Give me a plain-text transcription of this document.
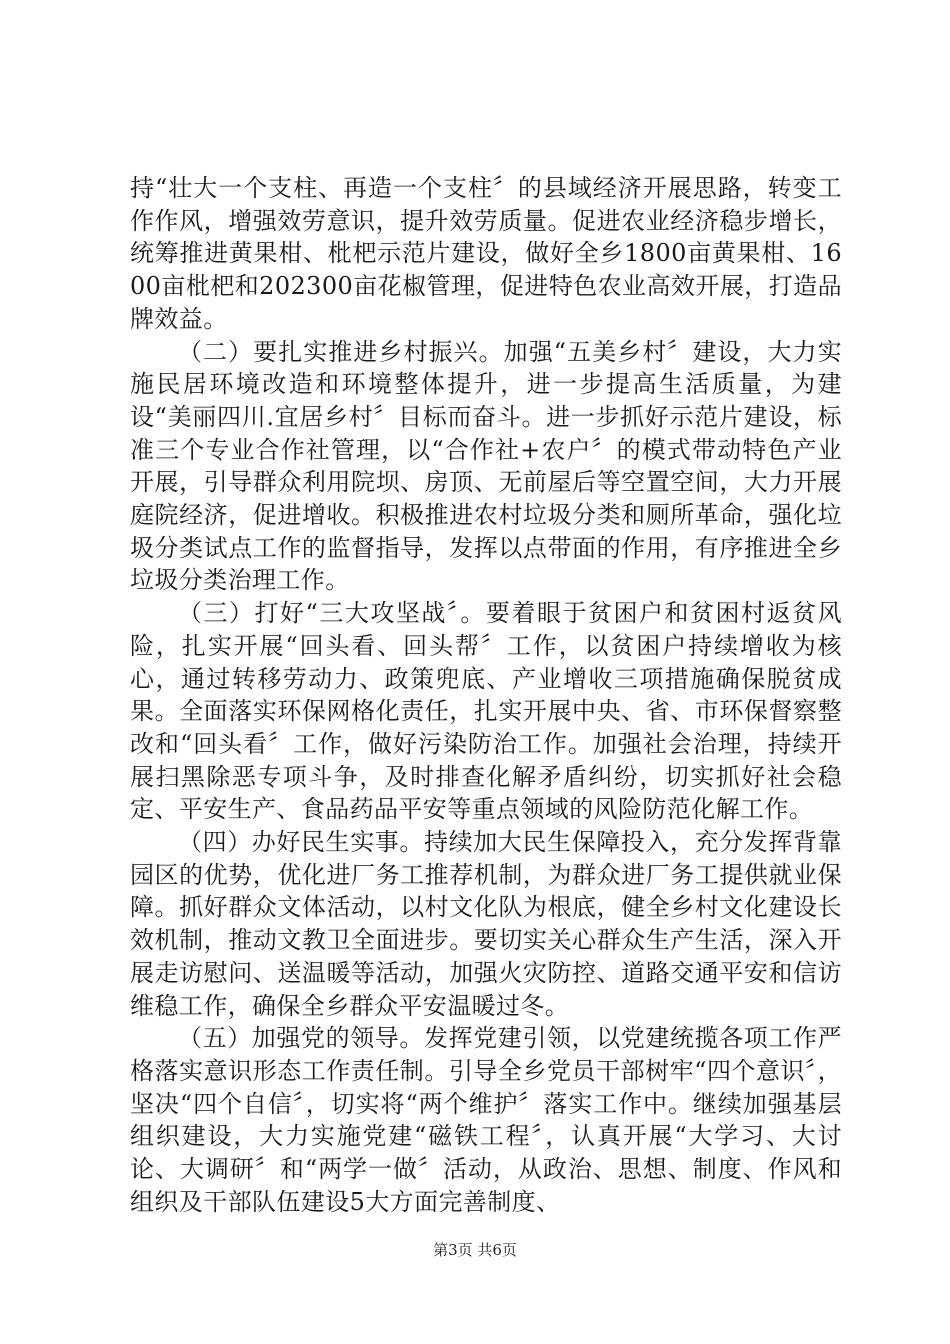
持“壮大一个支柱、再造一个支柱〞的县域经济开展思路，转变工作作风，增强效劳意识，提升效劳质量。促进农业经济稳步增长，统筹推进黄果柑、枇杷示范片建设，做好全乡1800亩黄果柑、1600亩枇杷和202300亩花椒管理，促进特色农业高效开展，打造品牌效益。

（二）要扎实推进乡村振兴。加强“五美乡村〞建设，大力实施民居环境改造和环境整体提升，进一步提高生活质量，为建设“美丽四川.宜居乡村〞目标而奋斗。进一步抓好示范片建设，标准三个专业合作社管理，以“合作社+农户〞的模式带动特色产业开展，引导群众利用院坝、房顶、无前屋后等空置空间，大力开展庭院经济，促进增收。积极推进农村垃圾分类和厕所革命，强化垃圾分类试点工作的监督指导，发挥以点带面的作用，有序推进全乡垃圾分类治理工作。

（三）打好“三大攻坚战〞。要着眼于贫困户和贫困村返贫风险，扎实开展“回头看、回头帮〞工作，以贫困户持续增收为核心，通过转移劳动力、政策兜底、产业增收三项措施确保脱贫成果。全面落实环保网格化责任，扎实开展中央、省、市环保督察整改和“回头看〞工作，做好污染防治工作。加强社会治理，持续开展扫黑除恶专项斗争，及时排查化解矛盾纠纷，切实抓好社会稳定、平安生产、食品药品平安等重点领域的风险防范化解工作。

（四）办好民生实事。持续加大民生保障投入，充分发挥背靠园区的优势，优化进厂务工推荐机制，为群众进厂务工提供就业保障。抓好群众文体活动，以村文化队为根底，健全乡村文化建设长效机制，推动文教卫全面进步。要切实关心群众生产生活，深入开展走访慰问、送温暖等活动，加强火灾防控、道路交通平安和信访维稳工作，确保全乡群众平安温暖过冬。

（五）加强党的领导。发挥党建引领，以党建统揽各项工作严格落实意识形态工作责任制。引导全乡党员干部树牢“四个意识〞，坚决“四个自信〞，切实将“两个维护〞落实工作中。继续加强基层组织建设，大力实施党建“磁铁工程〞，认真开展“大学习、大讨论、大调研〞和“两学一做〞活动，从政治、思想、制度、作风和组织及干部队伍建设5大方面完善制度、

第3页 共6页
